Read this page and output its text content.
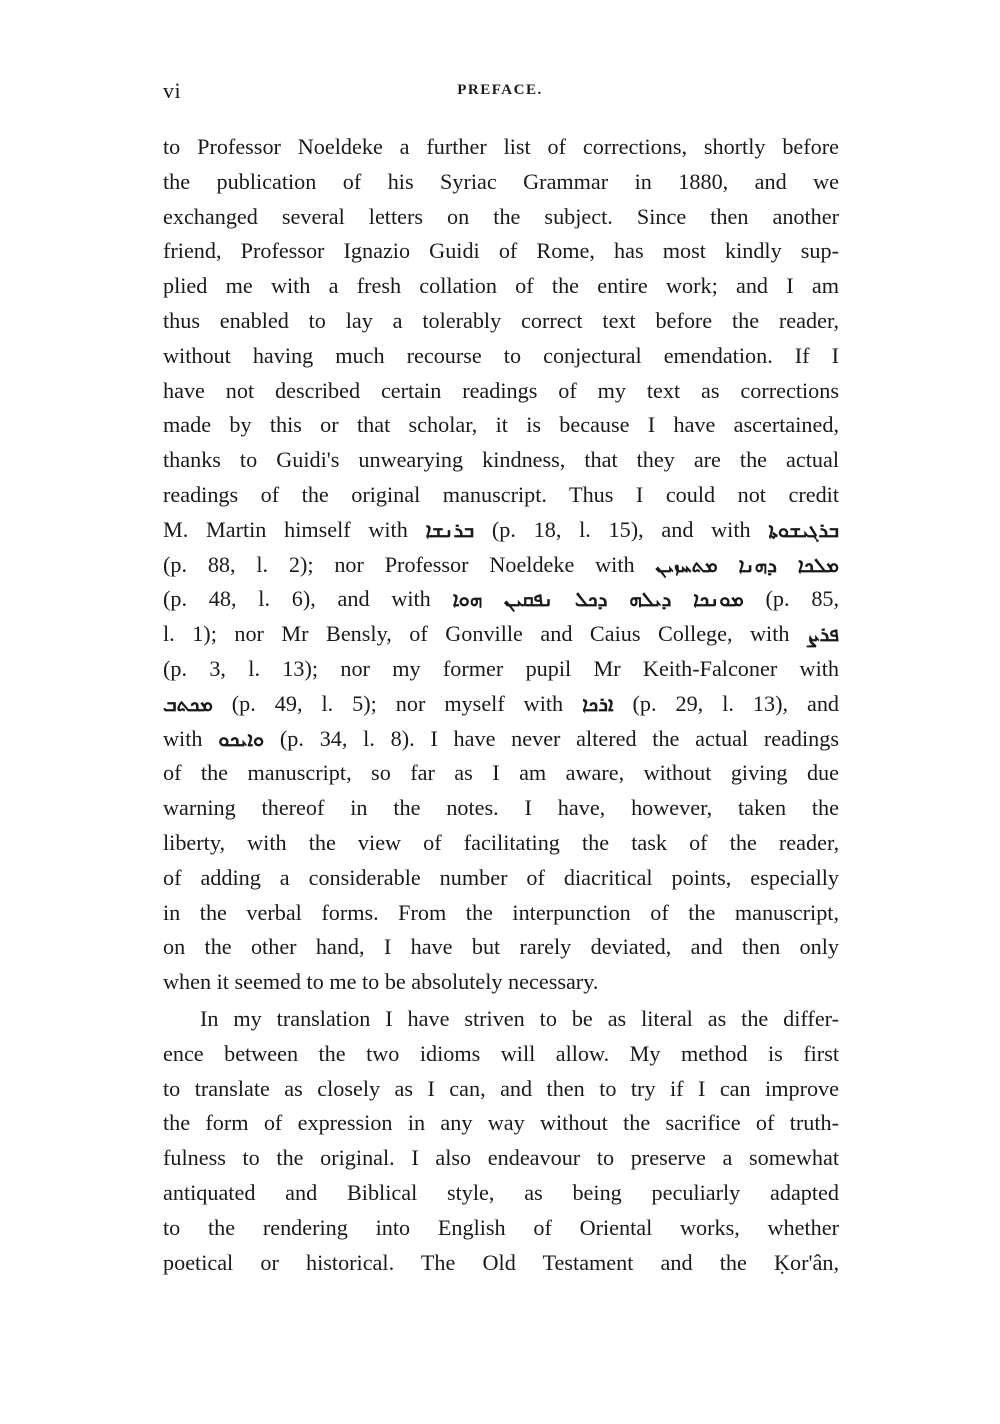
vi	PREFACE.
to Professor Noeldeke a further list of corrections, shortly before
the publication of his Syriac Grammar in 1880, and we
exchanged several letters on the subject. Since then another
friend, Professor Ignazio Guidi of Rome, has most kindly sup-
plied me with a fresh collation of the entire work; and I am
thus enabled to lay a tolerably correct text before the reader,
without having much recourse to conjectural emendation. If I
have not described certain readings of my text as corrections
made by this or that scholar, it is because I have ascertained,
thanks to Guidi's unwearying kindness, that they are the actual
readings of the original manuscript. Thus I could not credit
M. Martin himself with ܒܪܢܫܐ (p. 18, l. 15), and with ܒܪܓܝܫܘܬܐ
(p. 88, l. 2); nor Professor Noeldeke with ܡܬܚܙܝܢ ܕܗܢܐ ܡܠܟܐ
(p. 48, l. 6), and with ܗܘܐ ܢܦܩܝܢ ܕܟܠ ܕܝܠܗ ܡܘܢܟܐ (p. 85,
l. 1); nor Mr Bensly, of Gonville and Caius College, with ܦܪܨ
(p. 3, l. 13); nor my former pupil Mr Keith-Falconer with
ܡܟܬܒ (p. 49, l. 5); nor myself with ܐܪܟܐ (p. 29, l. 13), and
with ܘܐܝܟܘ (p. 34, l. 8). I have never altered the actual readings
of the manuscript, so far as I am aware, without giving due
warning thereof in the notes. I have, however, taken the
liberty, with the view of facilitating the task of the reader,
of adding a considerable number of diacritical points, especially
in the verbal forms. From the interpunction of the manuscript,
on the other hand, I have but rarely deviated, and then only
when it seemed to me to be absolutely necessary.
In my translation I have striven to be as literal as the differ-
ence between the two idioms will allow. My method is first
to translate as closely as I can, and then to try if I can improve
the form of expression in any way without the sacrifice of truth-
fulness to the original. I also endeavour to preserve a somewhat
antiquated and Biblical style, as being peculiarly adapted
to the rendering into English of Oriental works, whether
poetical or historical. The Old Testament and the Ḳor'ân,
